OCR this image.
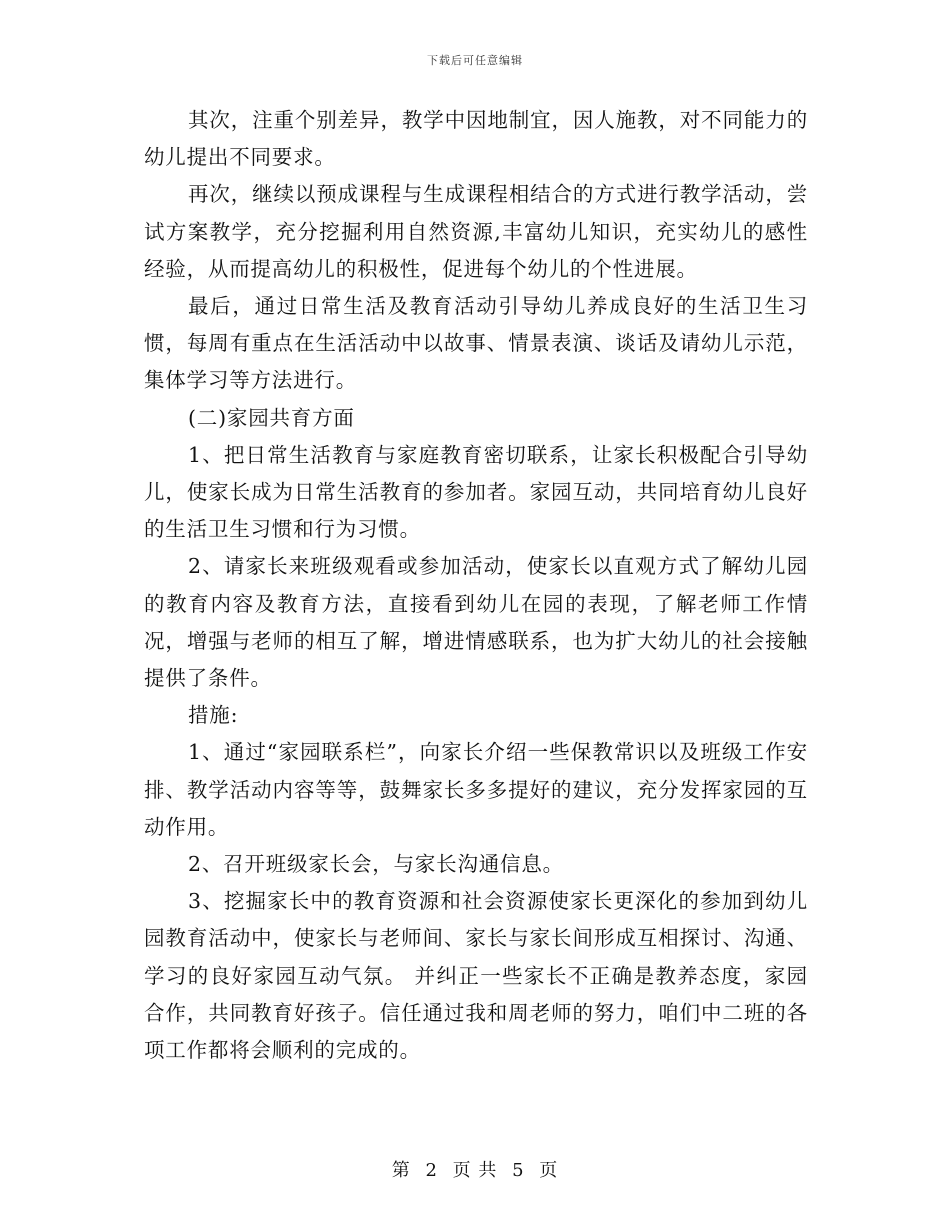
下载后可任意编辑

其次，注重个别差异，教学中因地制宜，因人施教，对不同能力的幼儿提出不同要求。

再次，继续以预成课程与生成课程相结合的方式进行教学活动，尝试方案教学，充分挖掘利用自然资源,丰富幼儿知识，充实幼儿的感性经验，从而提高幼儿的积极性，促进每个幼儿的个性进展。

最后，通过日常生活及教育活动引导幼儿养成良好的生活卫生习惯，每周有重点在生活活动中以故事、情景表演、谈话及请幼儿示范，集体学习等方法进行。

(二)家园共育方面

1、把日常生活教育与家庭教育密切联系，让家长积极配合引导幼儿，使家长成为日常生活教育的参加者。家园互动，共同培育幼儿良好的生活卫生习惯和行为习惯。

2、请家长来班级观看或参加活动，使家长以直观方式了解幼儿园的教育内容及教育方法，直接看到幼儿在园的表现，了解老师工作情况，增强与老师的相互了解，增进情感联系，也为扩大幼儿的社会接触提供了条件。

措施:

1、通过“家园联系栏”，向家长介绍一些保教常识以及班级工作安排、教学活动内容等等，鼓舞家长多多提好的建议，充分发挥家园的互动作用。

2、召开班级家长会，与家长沟通信息。

3、挖掘家长中的教育资源和社会资源使家长更深化的参加到幼儿园教育活动中，使家长与老师间、家长与家长间形成互相探讨、沟通、学习的良好家园互动气氛。 并纠正一些家长不正确是教养态度，家园合作，共同教育好孩子。信任通过我和周老师的努力，咱们中二班的各项工作都将会顺利的完成的。

第 2 页 共 5 页
